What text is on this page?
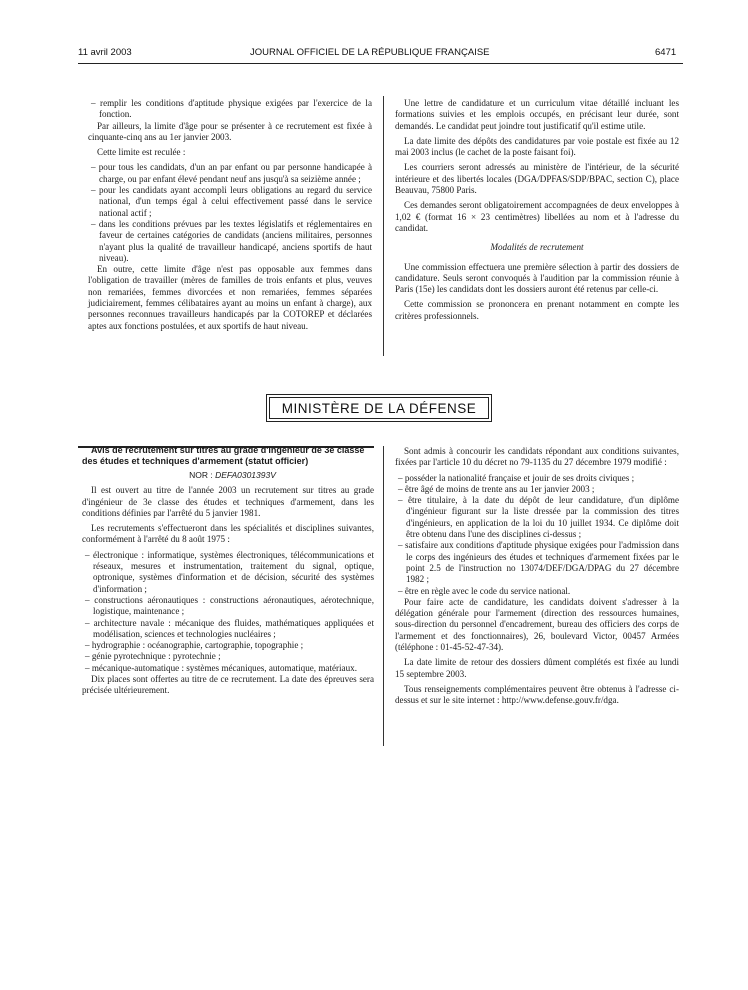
11 avril 2003	JOURNAL OFFICIEL DE LA RÉPUBLIQUE FRANÇAISE	6471

– remplir les conditions d'aptitude physique exigées par l'exercice de la fonction.

Par ailleurs, la limite d'âge pour se présenter à ce recrutement est fixée à cinquante-cinq ans au 1er janvier 2003.

Cette limite est reculée :

– pour tous les candidats, d'un an par enfant ou par personne handicapée à charge, ou par enfant élevé pendant neuf ans jusqu'à sa seizième année ;

– pour les candidats ayant accompli leurs obligations au regard du service national, d'un temps égal à celui effectivement passé dans le service national actif ;

– dans les conditions prévues par les textes législatifs et réglementaires en faveur de certaines catégories de candidats (anciens militaires, personnes n'ayant plus la qualité de travailleur handicapé, anciens sportifs de haut niveau).

En outre, cette limite d'âge n'est pas opposable aux femmes dans l'obligation de travailler (mères de familles de trois enfants et plus, veuves non remariées, femmes divorcées et non remariées, femmes séparées judiciairement, femmes célibataires ayant au moins un enfant à charge), aux personnes reconnues travailleurs handicapés par la COTOREP et déclarées aptes aux fonctions postulées, et aux sportifs de haut niveau.

Une lettre de candidature et un curriculum vitae détaillé incluant les formations suivies et les emplois occupés, en précisant leur durée, sont demandés. Le candidat peut joindre tout justificatif qu'il estime utile.

La date limite des dépôts des candidatures par voie postale est fixée au 12 mai 2003 inclus (le cachet de la poste faisant foi).

Les courriers seront adressés au ministère de l'intérieur, de la sécurité intérieure et des libertés locales (DGA/DPFAS/SDP/BPAC, section C), place Beauvau, 75800 Paris.

Ces demandes seront obligatoirement accompagnées de deux enveloppes à 1,02 € (format 16 × 23 centimètres) libellées au nom et à l'adresse du candidat.

Modalités de recrutement

Une commission effectuera une première sélection à partir des dossiers de candidature. Seuls seront convoqués à l'audition par la commission réunie à Paris (15e) les candidats dont les dossiers auront été retenus par celle-ci.

Cette commission se prononcera en prenant notamment en compte les critères professionnels.

MINISTÈRE DE LA DÉFENSE

Avis de recrutement sur titres au grade d'ingénieur de 3e classe des études et techniques d'armement (statut officier)

NOR : DEFA0301393V

Il est ouvert au titre de l'année 2003 un recrutement sur titres au grade d'ingénieur de 3e classe des études et techniques d'armement, dans les conditions définies par l'arrêté du 5 janvier 1981.

Les recrutements s'effectueront dans les spécialités et disciplines suivantes, conformément à l'arrêté du 8 août 1975 :

– électronique : informatique, systèmes électroniques, télécommunications et réseaux, mesures et instrumentation, traitement du signal, optique, optronique, systèmes d'information et de décision, sécurité des systèmes d'information ;

– constructions aéronautiques : constructions aéronautiques, aérotechnique, logistique, maintenance ;

– architecture navale : mécanique des fluides, mathématiques appliquées et modélisation, sciences et technologies nucléaires ;

– hydrographie : océanographie, cartographie, topographie ;

– génie pyrotechnique : pyrotechnie ;

– mécanique-automatique : systèmes mécaniques, automatique, matériaux.

Dix places sont offertes au titre de ce recrutement. La date des épreuves sera précisée ultérieurement.

Sont admis à concourir les candidats répondant aux conditions suivantes, fixées par l'article 10 du décret no 79-1135 du 27 décembre 1979 modifié :

– posséder la nationalité française et jouir de ses droits civiques ;

– être âgé de moins de trente ans au 1er janvier 2003 ;

– être titulaire, à la date du dépôt de leur candidature, d'un diplôme d'ingénieur figurant sur la liste dressée par la commission des titres d'ingénieurs, en application de la loi du 10 juillet 1934. Ce diplôme doit être obtenu dans l'une des disciplines ci-dessus ;

– satisfaire aux conditions d'aptitude physique exigées pour l'admission dans le corps des ingénieurs des études et techniques d'armement fixées par le point 2.5 de l'instruction no 13074/DEF/DGA/DPAG du 27 décembre 1982 ;

– être en règle avec le code du service national.

Pour faire acte de candidature, les candidats doivent s'adresser à la délégation générale pour l'armement (direction des ressources humaines, sous-direction du personnel d'encadrement, bureau des officiers des corps de l'armement et des fonctionnaires), 26, boulevard Victor, 00457 Armées (téléphone : 01-45-52-47-34).

La date limite de retour des dossiers dûment complétés est fixée au lundi 15 septembre 2003.

Tous renseignements complémentaires peuvent être obtenus à l'adresse ci-dessus et sur le site internet : http://www.defense.gouv.fr/dga.
